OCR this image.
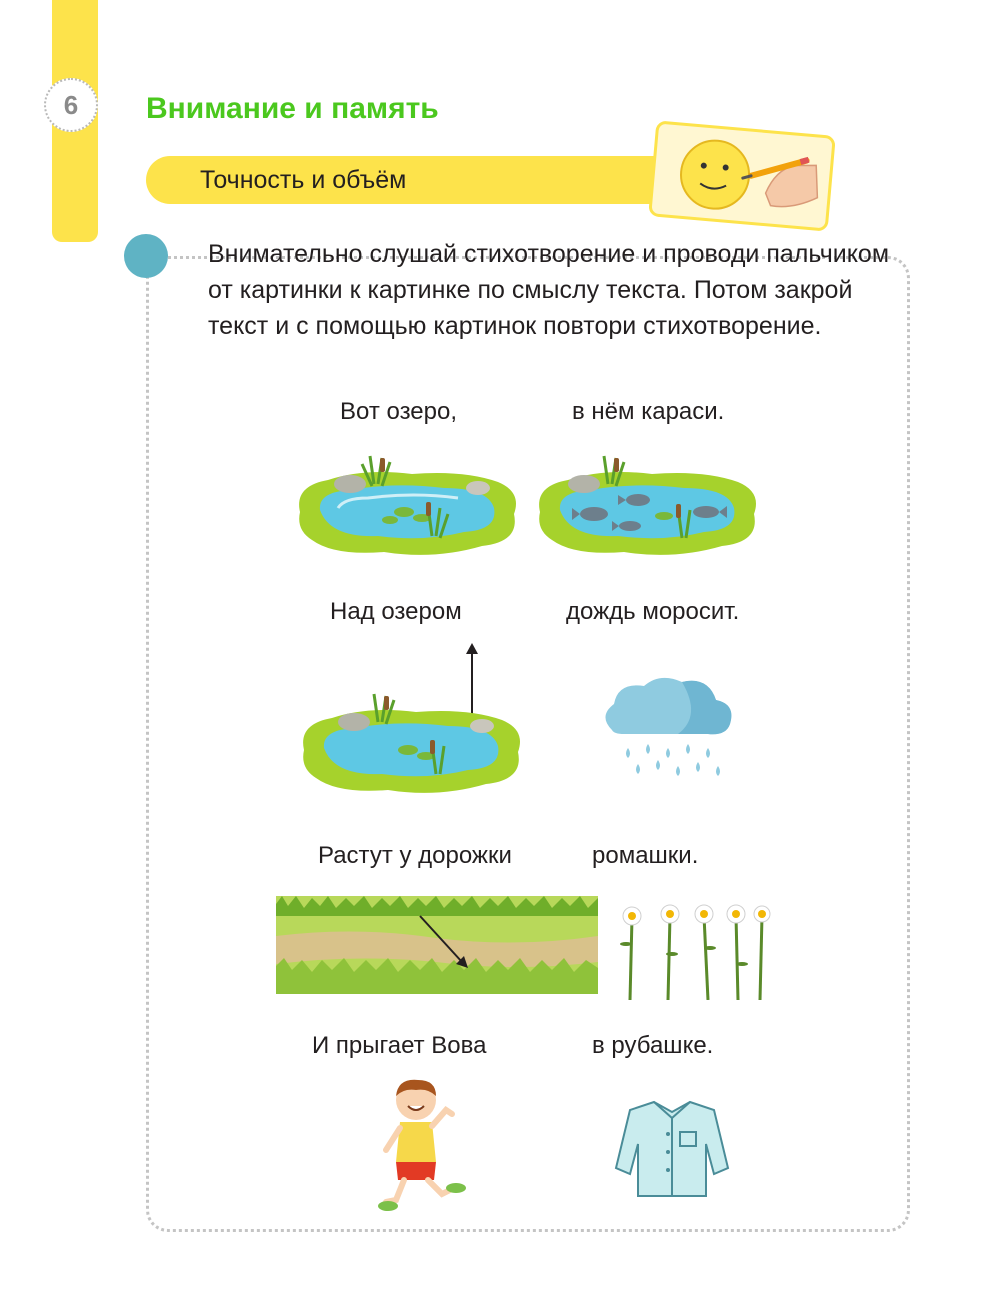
6	Внимание и память
Точность и объём

Внимательно слушай стихотворение и проводи пальчиком от картинки к картинке по смыслу текста. Потом закрой текст и с помощью картинок повтори стихотворение.

Вот озеро,	в нём караси.
Над озером	дождь моросит.
Растут у дорожки	ромашки.
И прыгает Вова	в рубашке.
